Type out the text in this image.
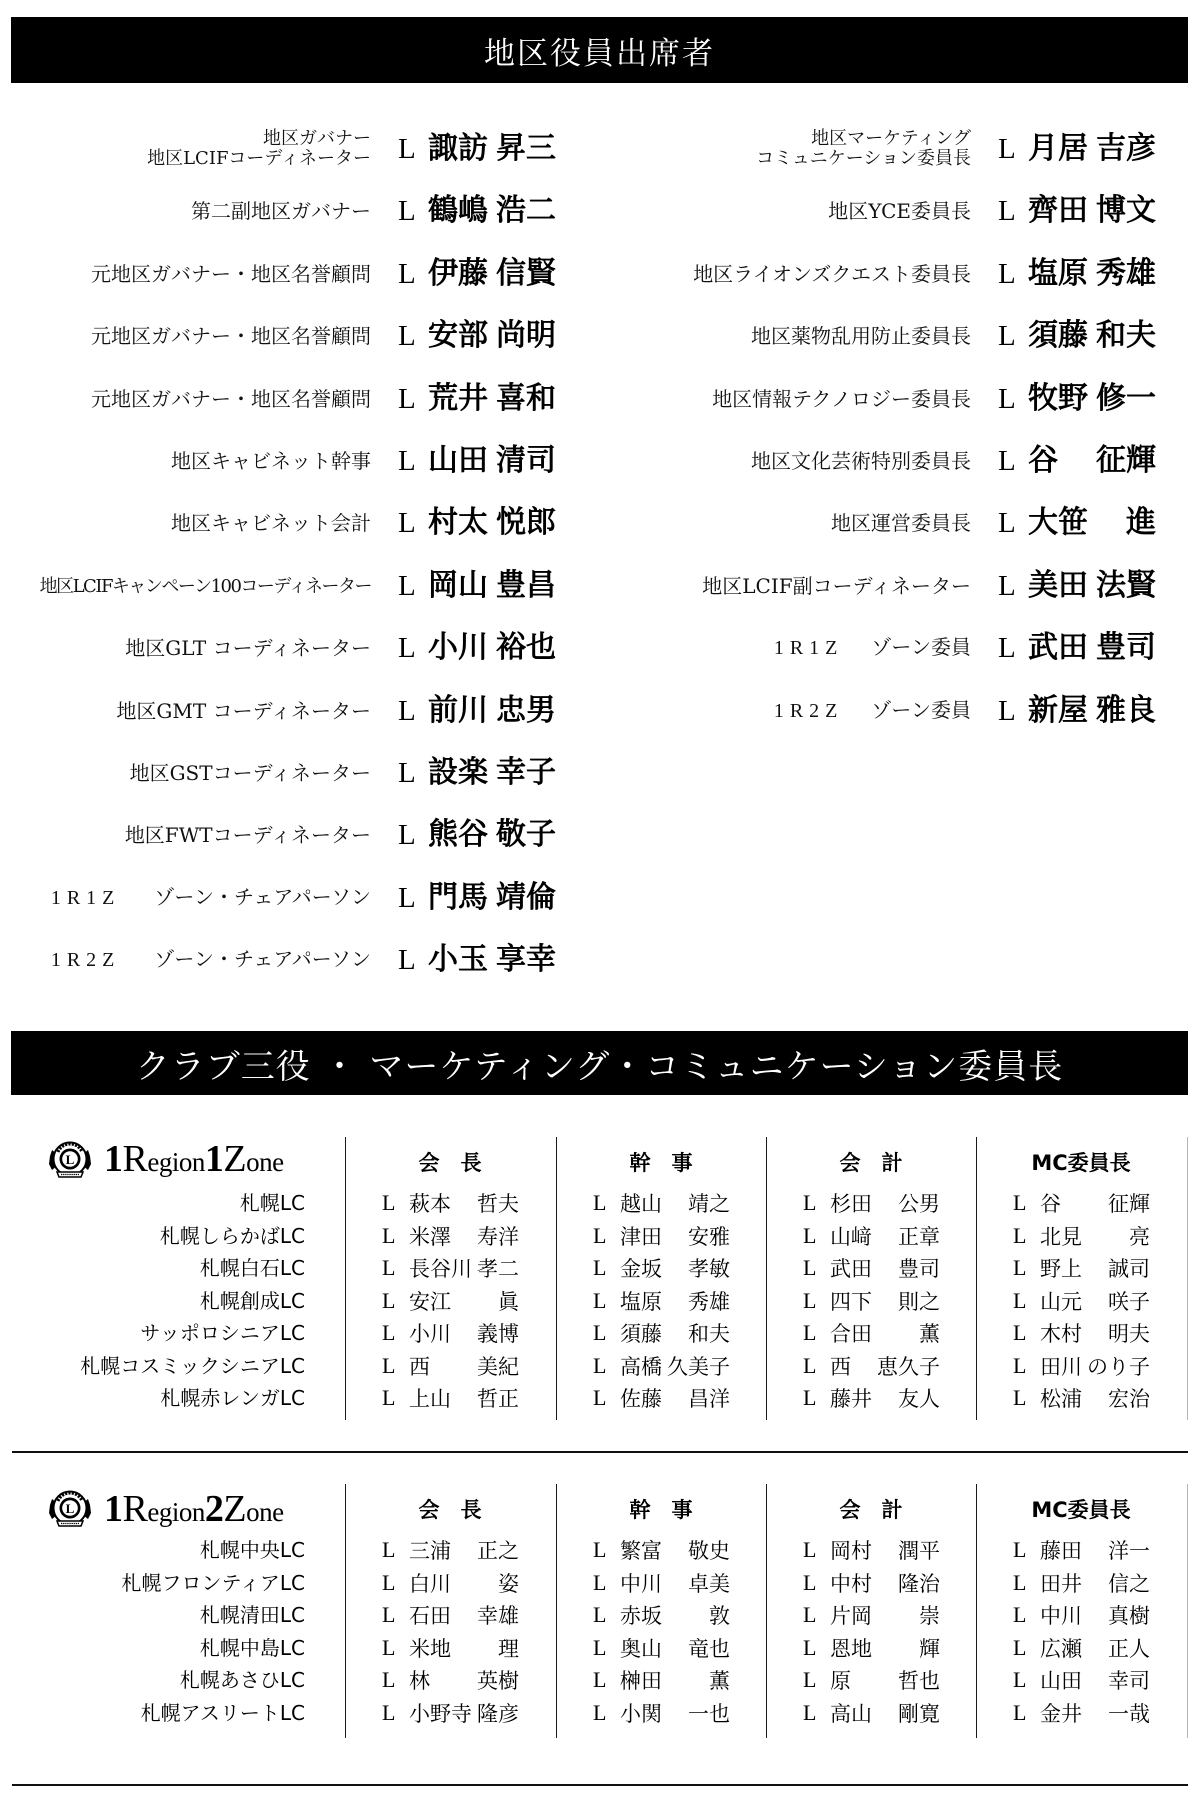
地区役員出席者
地区ガバナー
地区LCIFコーディネーター L 諏訪 昇三
第二副地区ガバナー L 鶴嶋 浩二
元地区ガバナー・地区名誉顧問 L 伊藤 信賢
元地区ガバナー・地区名誉顧問 L 安部 尚明
元地区ガバナー・地区名誉顧問 L 荒井 喜和
地区キャビネット幹事 L 山田 清司
地区キャビネット会計 L 村太 悦郎
地区LCIFキャンペーン100コーディネーター L 岡山 豊昌
地区GLT コーディネーター L 小川 裕也
地区GMT コーディネーター L 前川 忠男
地区GSTコーディネーター L 設楽 幸子
地区FWTコーディネーター L 熊谷 敬子
1R1Z ゾーン・チェアパーソン L 門馬 靖倫
1R2Z ゾーン・チェアパーソン L 小玉 享幸
地区マーケティング
コミュニケーション委員長 L 月居 吉彦
地区YCE委員長 L 齊田 博文
地区ライオンズクエスト委員長 L 塩原 秀雄
地区薬物乱用防止委員長 L 須藤 和夫
地区情報テクノロジー委員長 L 牧野 修一
地区文化芸術特別委員長 L 谷 征輝
地区運営委員長 L 大笹 進
地区LCIF副コーディネーター L 美田 法賢
1R1Z ゾーン委員 L 武田 豊司
1R2Z ゾーン委員 L 新屋 雅良
クラブ三役 ・ マーケティング・コミュニケーション委員長
L 1Region1Zone	会　長	幹　事	会　計	MC委員長
札幌LC	L 萩本 哲夫	L 越山 靖之	L 杉田 公男	L 谷 征輝
札幌しらかばLC	L 米澤 寿洋	L 津田 安雅	L 山﨑 正章	L 北見 亮
札幌白石LC	L 長谷川 孝二	L 金坂 孝敏	L 武田 豊司	L 野上 誠司
札幌創成LC	L 安江 眞	L 塩原 秀雄	L 四下 則之	L 山元 咲子
サッポロシニアLC	L 小川 義博	L 須藤 和夫	L 合田 薫	L 木村 明夫
札幌コスミックシニアLC	L 西 美紀	L 高橋 久美子	L 西 恵久子	L 田川 のり子
札幌赤レンガLC	L 上山 哲正	L 佐藤 昌洋	L 藤井 友人	L 松浦 宏治
L 1Region2Zone	会　長	幹　事	会　計	MC委員長
札幌中央LC	L 三浦 正之	L 繁富 敬史	L 岡村 潤平	L 藤田 洋一
札幌フロンティアLC	L 白川 姿	L 中川 卓美	L 中村 隆治	L 田井 信之
札幌清田LC	L 石田 幸雄	L 赤坂 敦	L 片岡 崇	L 中川 真樹
札幌中島LC	L 米地 理	L 奥山 竜也	L 恩地 輝	L 広瀬 正人
札幌あさひLC	L 林 英樹	L 榊田 薫	L 原 哲也	L 山田 幸司
札幌アスリートLC	L 小野寺 隆彦	L 小関 一也	L 高山 剛寛	L 金井 一哉
